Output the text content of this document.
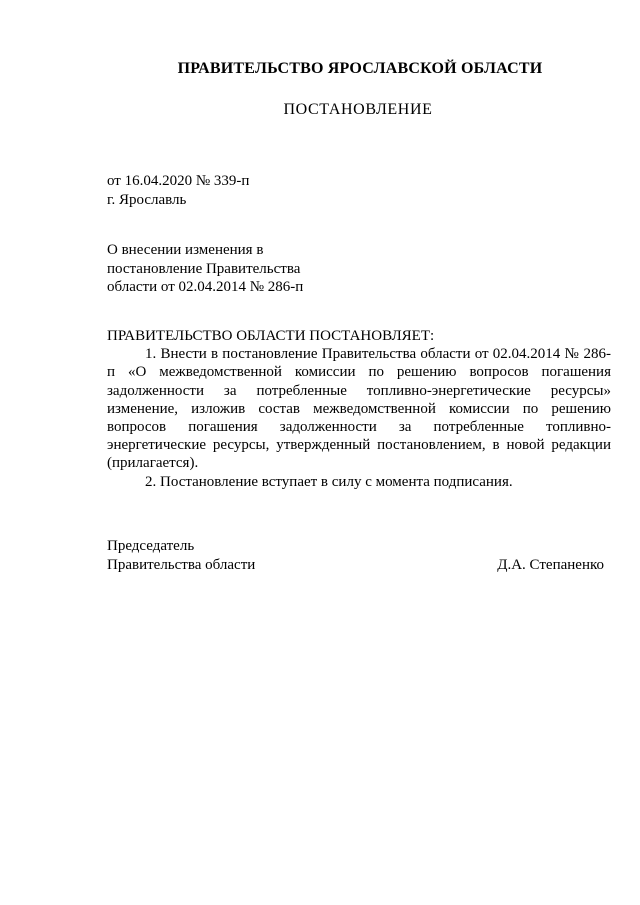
ПРАВИТЕЛЬСТВО ЯРОСЛАВСКОЙ ОБЛАСТИ
ПОСТАНОВЛЕНИЕ
от 16.04.2020 № 339-п
г. Ярославль
О внесении изменения в
постановление Правительства
области от 02.04.2014 № 286-п
ПРАВИТЕЛЬСТВО ОБЛАСТИ ПОСТАНОВЛЯЕТ:

1. Внести в постановление Правительства области от 02.04.2014 № 286-п «О межведомственной комиссии по решению вопросов погашения задолженности за потребленные топливно-энергетические ресурсы» изменение, изложив состав межведомственной комиссии по решению вопросов погашения задолженности за потребленные топливно-энергетические ресурсы, утвержденный постановлением, в новой редакции (прилагается).

2. Постановление вступает в силу с момента подписания.

Председатель
Правительства области	Д.А. Степаненко
